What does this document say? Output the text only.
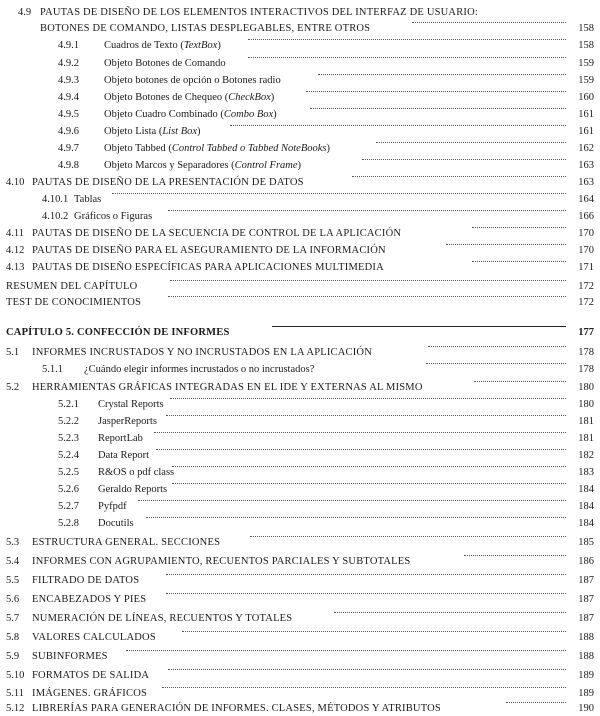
4.9 PAUTAS DE DISEÑO DE LOS ELEMENTOS INTERACTIVOS DEL INTERFAZ DE USUARIO:
BOTONES DE COMANDO, LISTAS DESPLEGABLES, ENTRE OTROS	158
4.9.1 Cuadros de Texto (TextBox)	158
4.9.2 Objeto Botones de Comando	159
4.9.3 Objeto botones de opción o Botones radio	159
4.9.4 Objeto Botones de Chequeo (CheckBox)	160
4.9.5 Objeto Cuadro Combinado (Combo Box)	161
4.9.6 Objeto Lista (List Box)	161
4.9.7 Objeto Tabbed (Control Tabbed o Tabbed NoteBooks)	162
4.9.8 Objeto Marcos y Separadores (Control Frame)	163
4.10 PAUTAS DE DISEÑO DE LA PRESENTACIÓN DE DATOS	163
4.10.1 Tablas	164
4.10.2 Gráficos o Figuras	166
4.11 PAUTAS DE DISEÑO DE LA SECUENCIA DE CONTROL DE LA APLICACIÓN	170
4.12 PAUTAS DE DISEÑO PARA EL ASEGURAMIENTO DE LA INFORMACIÓN	170
4.13 PAUTAS DE DISEÑO ESPECÍFICAS PARA APLICACIONES MULTIMEDIA	171
RESUMEN DEL CAPÍTULO	172
TEST DE CONOCIMIENTOS	172
CAPÍTULO 5. CONFECCIÓN DE INFORMES	177
5.1 INFORMES INCRUSTADOS Y NO INCRUSTADOS EN LA APLICACIÓN	178
5.1.1 ¿Cuándo elegir informes incrustados o no incrustados?	178
5.2 HERRAMIENTAS GRÁFICAS INTEGRADAS EN EL IDE Y EXTERNAS AL MISMO	180
5.2.1 Crystal Reports	180
5.2.2 JasperReports	181
5.2.3 ReportLab	181
5.2.4 Data Report	182
5.2.5 R&OS o pdf class	183
5.2.6 Geraldo Reports	184
5.2.7 Pyfpdf	184
5.2.8 Docutils	184
5.3 ESTRUCTURA GENERAL. SECCIONES	185
5.4 INFORMES CON AGRUPAMIENTO, RECUENTOS PARCIALES Y SUBTOTALES	186
5.5 FILTRADO DE DATOS	187
5.6 ENCABEZADOS Y PIES	187
5.7 NUMERACIÓN DE LÍNEAS, RECUENTOS Y TOTALES	187
5.8 VALORES CALCULADOS	188
5.9 SUBINFORMES	188
5.10 FORMATOS DE SALIDA	189
5.11 IMÁGENES. GRÁFICOS	189
5.12 LIBRERÍAS PARA GENERACIÓN DE INFORMES. CLASES, MÉTODOS Y ATRIBUTOS	190
